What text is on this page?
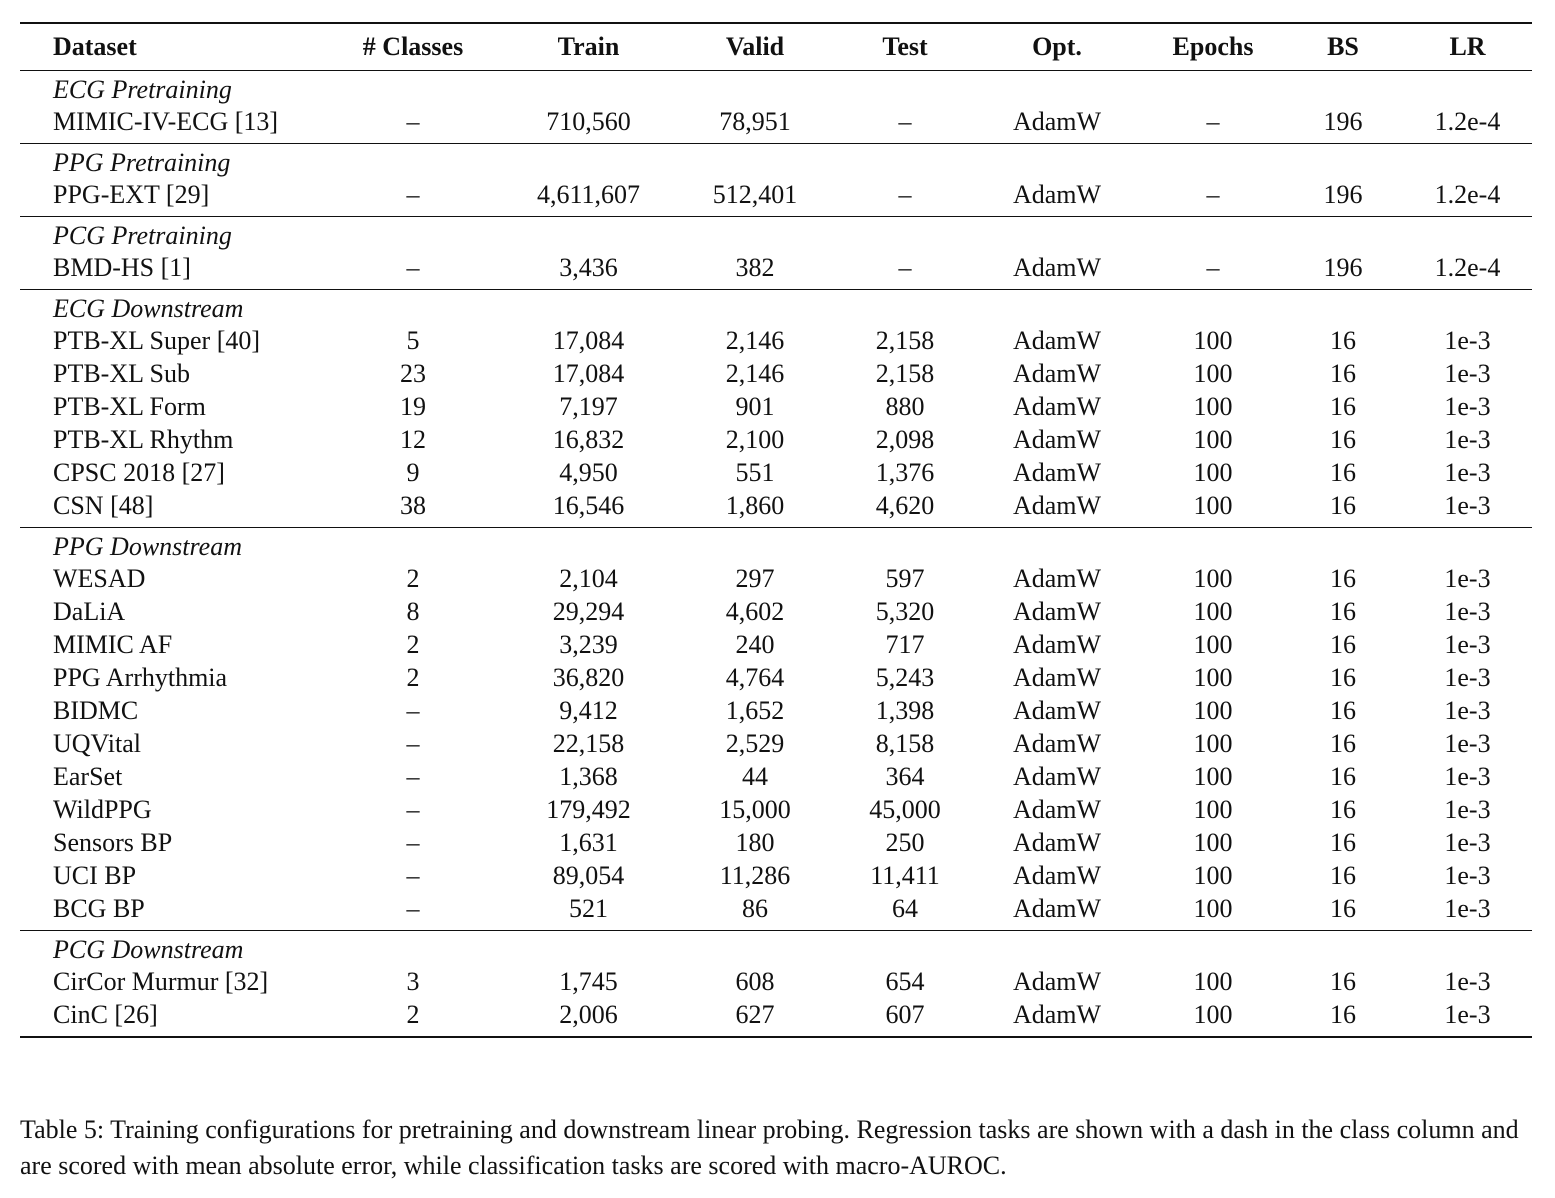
Dataset	# Classes	Train	Valid	Test	Opt.	Epochs	BS	LR
ECG Pretraining								
MIMIC-IV-ECG [13]	–	710,560	78,951	–	AdamW	–	196	1.2e-4
PPG Pretraining								
PPG-EXT [29]	–	4,611,607	512,401	–	AdamW	–	196	1.2e-4
PCG Pretraining								
BMD-HS [1]	–	3,436	382	–	AdamW	–	196	1.2e-4
ECG Downstream								
PTB-XL Super [40]	5	17,084	2,146	2,158	AdamW	100	16	1e-3
PTB-XL Sub	23	17,084	2,146	2,158	AdamW	100	16	1e-3
PTB-XL Form	19	7,197	901	880	AdamW	100	16	1e-3
PTB-XL Rhythm	12	16,832	2,100	2,098	AdamW	100	16	1e-3
CPSC 2018 [27]	9	4,950	551	1,376	AdamW	100	16	1e-3
CSN [48]	38	16,546	1,860	4,620	AdamW	100	16	1e-3
PPG Downstream								
WESAD	2	2,104	297	597	AdamW	100	16	1e-3
DaLiA	8	29,294	4,602	5,320	AdamW	100	16	1e-3
MIMIC AF	2	3,239	240	717	AdamW	100	16	1e-3
PPG Arrhythmia	2	36,820	4,764	5,243	AdamW	100	16	1e-3
BIDMC	–	9,412	1,652	1,398	AdamW	100	16	1e-3
UQVital	–	22,158	2,529	8,158	AdamW	100	16	1e-3
EarSet	–	1,368	44	364	AdamW	100	16	1e-3
WildPPG	–	179,492	15,000	45,000	AdamW	100	16	1e-3
Sensors BP	–	1,631	180	250	AdamW	100	16	1e-3
UCI BP	–	89,054	11,286	11,411	AdamW	100	16	1e-3
BCG BP	–	521	86	64	AdamW	100	16	1e-3
PCG Downstream								
CirCor Murmur [32]	3	1,745	608	654	AdamW	100	16	1e-3
CinC [26]	2	2,006	627	607	AdamW	100	16	1e-3

Table 5: Training configurations for pretraining and downstream linear probing. Regression tasks are shown with a dash in the class column and are scored with mean absolute error, while classification tasks are scored with macro-AUROC.
